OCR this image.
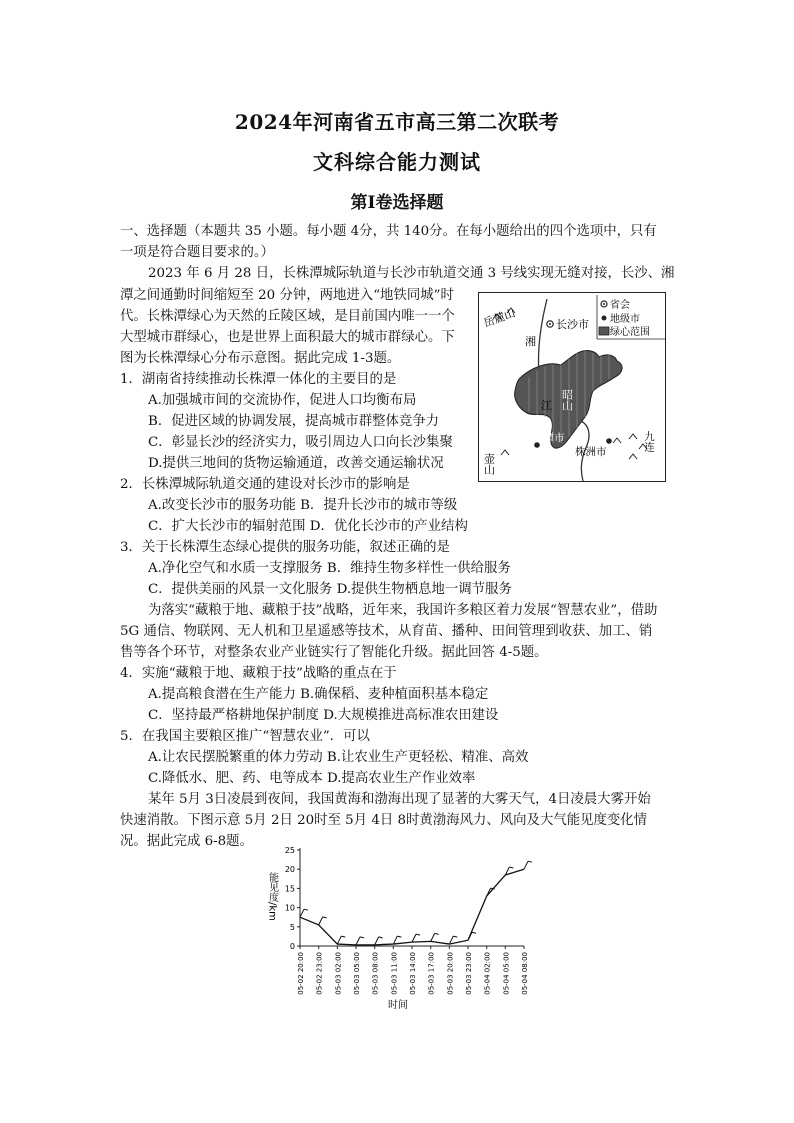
2024年河南省五市高三第二次联考
文科综合能力测试
第I卷选择题
一、选择题（本题共 35 小题。每小题 4分，共 140分。在每小题给出的四个选项中，只有
一项是符合题目要求的。）
2023 年 6 月 28 日，长株潭城际轨道与长沙市轨道交通 3 号线实现无缝对接，长沙、湘
潭之间通勤时间缩短至 20 分钟，两地进入“地铁同城”时
代。长株潭绿心为天然的丘陵区域，是目前国内唯一一个
大型城市群绿心，也是世界上面积最大的城市群绿心。下
图为长株潭绿心分布示意图。据此完成 1-3题。
1．湖南省持续推动长株潭一体化的主要目的是
A.加强城市间的交流协作，促进人口均衡布局
B．促进区域的协调发展，提高城市群整体竞争力
C．彰显长沙的经济实力，吸引周边人口向长沙集聚
D.提供三地间的货物运输通道，改善交通运输状况
2．长株潭城际轨道交通的建设对长沙市的影响是
A.改变长沙市的服务功能 B．提升长沙市的城市等级
C．扩大长沙市的辐射范围 D．优化长沙市的产业结构
3．关于长株潭生态绿心提供的服务功能，叙述正确的是
A.净化空气和水质一支撑服务 B．维持生物多样性一供给服务
C．提供美丽的风景一文化服务 D.提供生物栖息地一调节服务
为落实“藏粮于地、藏粮于技”战略，近年来，我国许多粮区着力发展“智慧农业”，借助
5G 通信、物联网、无人机和卫星遥感等技术，从育苗、播种、田间管理到收获、加工、销
售等各个环节，对整条农业产业链实行了智能化升级。据此回答 4-5题。
4．实施“藏粮于地、藏粮于技”战略的重点在于
A.提高粮食潜在生产能力 B.确保稻、麦种植面积基本稳定
C．坚持最严格耕地保护制度 D.大规模推进高标准农田建设
5．在我国主要粮区推广“智慧农业”．可以
A.让农民摆脱繁重的体力劳动 B.让农业生产更轻松、精准、高效
C.降低水、肥、药、电等成本 D.提高农业生产作业效率
某年 5月 3日凌晨到夜间，我国黄海和渤海出现了显著的大雾天气，4日凌晨大雾开始
快速消散。下图示意 5月 2日 20时至 5月 4日 8时黄渤海风力、风向及大气能见度变化情
况。据此完成 6-8题。
省会
地级市
绿心范围
岳麓山	长沙市
湘
江 昭山
湘潭市
株洲市
壶山
九连
能见度/km
时间
0
5
10
15
20
25
05-02 20:00 05-02 23:00 05-03 02:00 05-03 05:00 05-03 08:00 05-03 11:00 05-03 14:00 05-03 17:00 05-03 20:00 05-03 23:00 05-04 02:00 05-04 05:00 05-04 08:00
